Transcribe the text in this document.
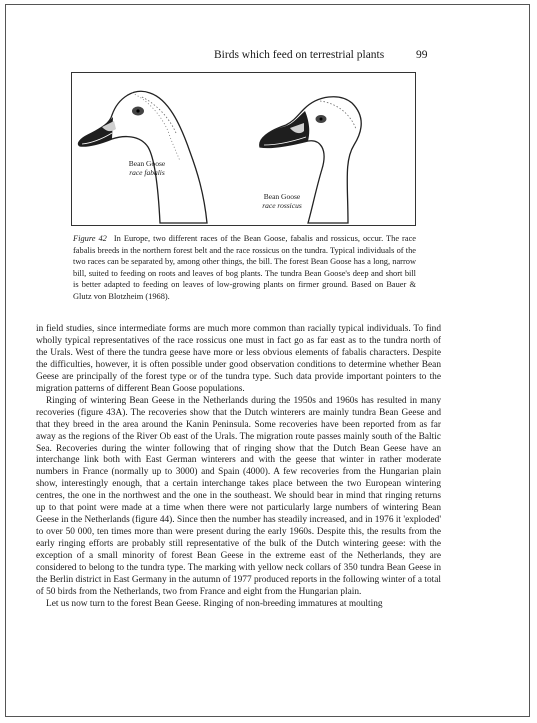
Birds which feed on terrestrial plants	99
Bean Goose
race fabalis
Bean Goose
race rossicus
Figure 42 In Europe, two different races of the Bean Goose, fabalis and rossicus, occur. The race fabalis breeds in the northern forest belt and the race rossicus on the tundra. Typical individuals of the two races can be separated by, among other things, the bill. The forest Bean Goose has a long, narrow bill, suited to feeding on roots and leaves of bog plants. The tundra Bean Goose's deep and short bill is better adapted to feeding on leaves of low-growing plants on firmer ground. Based on Bauer & Glutz von Blotzheim (1968).

in field studies, since intermediate forms are much more common than racially typical individuals. To find wholly typical representatives of the race rossicus one must in fact go as far east as to the tundra north of the Urals. West of there the tundra geese have more or less obvious elements of fabalis characters. Despite the difficulties, however, it is often possible under good observation conditions to determine whether Bean Geese are principally of the forest type or of the tundra type. Such data provide important pointers to the migration patterns of different Bean Goose populations.

Ringing of wintering Bean Geese in the Netherlands during the 1950s and 1960s has resulted in many recoveries (figure 43A). The recoveries show that the Dutch winterers are mainly tundra Bean Geese and that they breed in the area around the Kanin Peninsula. Some recoveries have been reported from as far away as the regions of the River Ob east of the Urals. The migration route passes mainly south of the Baltic Sea. Recoveries during the winter following that of ringing show that the Dutch Bean Geese have an interchange link both with East German winterers and with the geese that winter in rather moderate numbers in France (normally up to 3000) and Spain (4000). A few recoveries from the Hungarian plain show, interestingly enough, that a certain interchange takes place between the two European wintering centres, the one in the northwest and the one in the southeast. We should bear in mind that ringing returns up to that point were made at a time when there were not particularly large numbers of wintering Bean Geese in the Netherlands (figure 44). Since then the number has steadily increased, and in 1976 it 'exploded' to over 50 000, ten times more than were present during the early 1960s. Despite this, the results from the early ringing efforts are probably still representative of the bulk of the Dutch wintering geese: with the exception of a small minority of forest Bean Geese in the extreme east of the Netherlands, they are considered to belong to the tundra type. The marking with yellow neck collars of 350 tundra Bean Geese in the Berlin district in East Germany in the autumn of 1977 produced reports in the following winter of a total of 50 birds from the Netherlands, two from France and eight from the Hungarian plain.

Let us now turn to the forest Bean Geese. Ringing of non-breeding immatures at moulting
